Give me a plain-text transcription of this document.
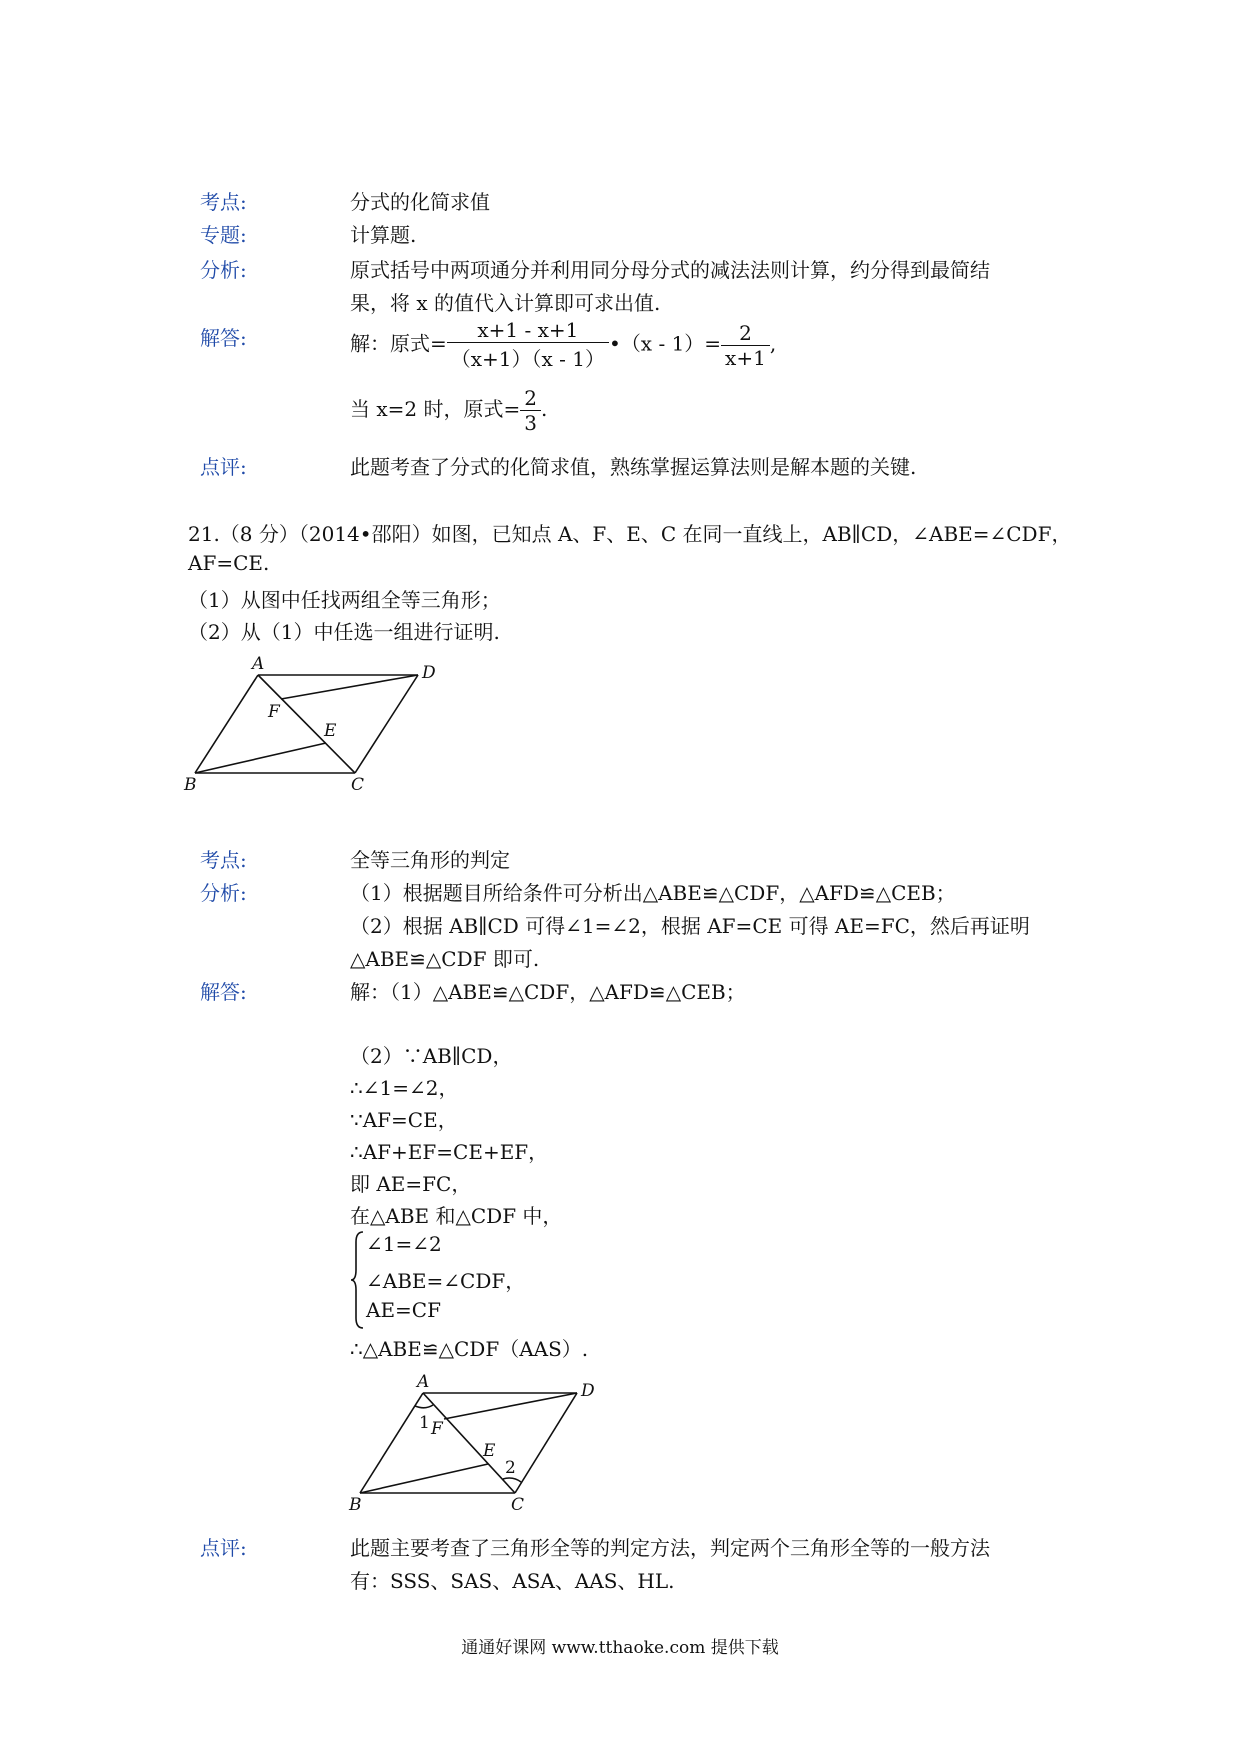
考点:	分式的化简求值
专题:	计算题.
分析:	原式括号中两项通分并利用同分母分式的减法法则计算，约分得到最简结
果，将 x 的值代入计算即可求出值.
解答:	解：原式= $\frac{x+1 - x+1}{(x+1)(x - 1)}$ •（x - $1)= \frac{2}{x+1}$ ,
当 x=2 时，原式= $\frac{2}{3}$ .
点评:	此题考查了分式的化简求值，熟练掌握运算法则是解本题的关键.
21.（8 分）（2014•邵阳）如图，已知点 A、F、E、C 在同一直线上，AB∥CD，∠ABE=∠CDF，
AF=CE.
（1）从图中任找两组全等三角形；
（2）从（1）中任选一组进行证明.
A
B	C
D
E
F
考点:	全等三角形的判定
分析:	（1）根据题目所给条件可分析出△ABE≌△CDF，△AFD≌△CEB；
（2）根据 AB∥CD 可得∠1=∠2，根据 AF=CE 可得 AE=FC，然后再证明
△ABE≌△CDF 即可.
解答:	解：（1）△ABE≌△CDF，△AFD≌△CEB；
（2）∵AB∥CD，
∴∠1=∠2，
∵AF=CE，
∴AF+EF=CE+EF，
即 AE=FC，
在△ABE 和△CDF 中，
∠1=∠2
∠ABE=∠CDF，
AE=CF
∴△ABE≌△CDF（AAS）.
A
B	C
D
E
F
1
2
点评:	此题主要考查了三角形全等的判定方法，判定两个三角形全等的一般方法
有：SSS、SAS、ASA、AAS、HL.
通通好课网 www.tthaoke.com 提供下载
